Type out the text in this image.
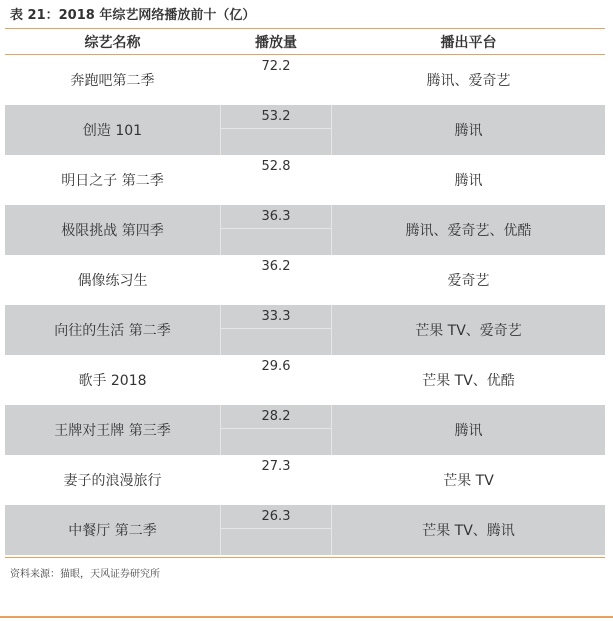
表 21：2018 年综艺网络播放前十（亿）
综艺名称	播放量	播出平台
奔跑吧第二季
72.2
腾讯、爱奇艺
创造 101
53.2
腾讯
明日之子 第二季
52.8
腾讯
极限挑战 第四季
36.3
腾讯、爱奇艺、优酷
偶像练习生
36.2
爱奇艺
向往的生活 第二季
33.3
芒果 TV、爱奇艺
歌手 2018
29.6
芒果 TV、优酷
王牌对王牌 第三季
28.2
腾讯
妻子的浪漫旅行
27.3
芒果 TV
中餐厅 第二季
26.3
芒果 TV、腾讯
资料来源：猫眼，天风证券研究所
